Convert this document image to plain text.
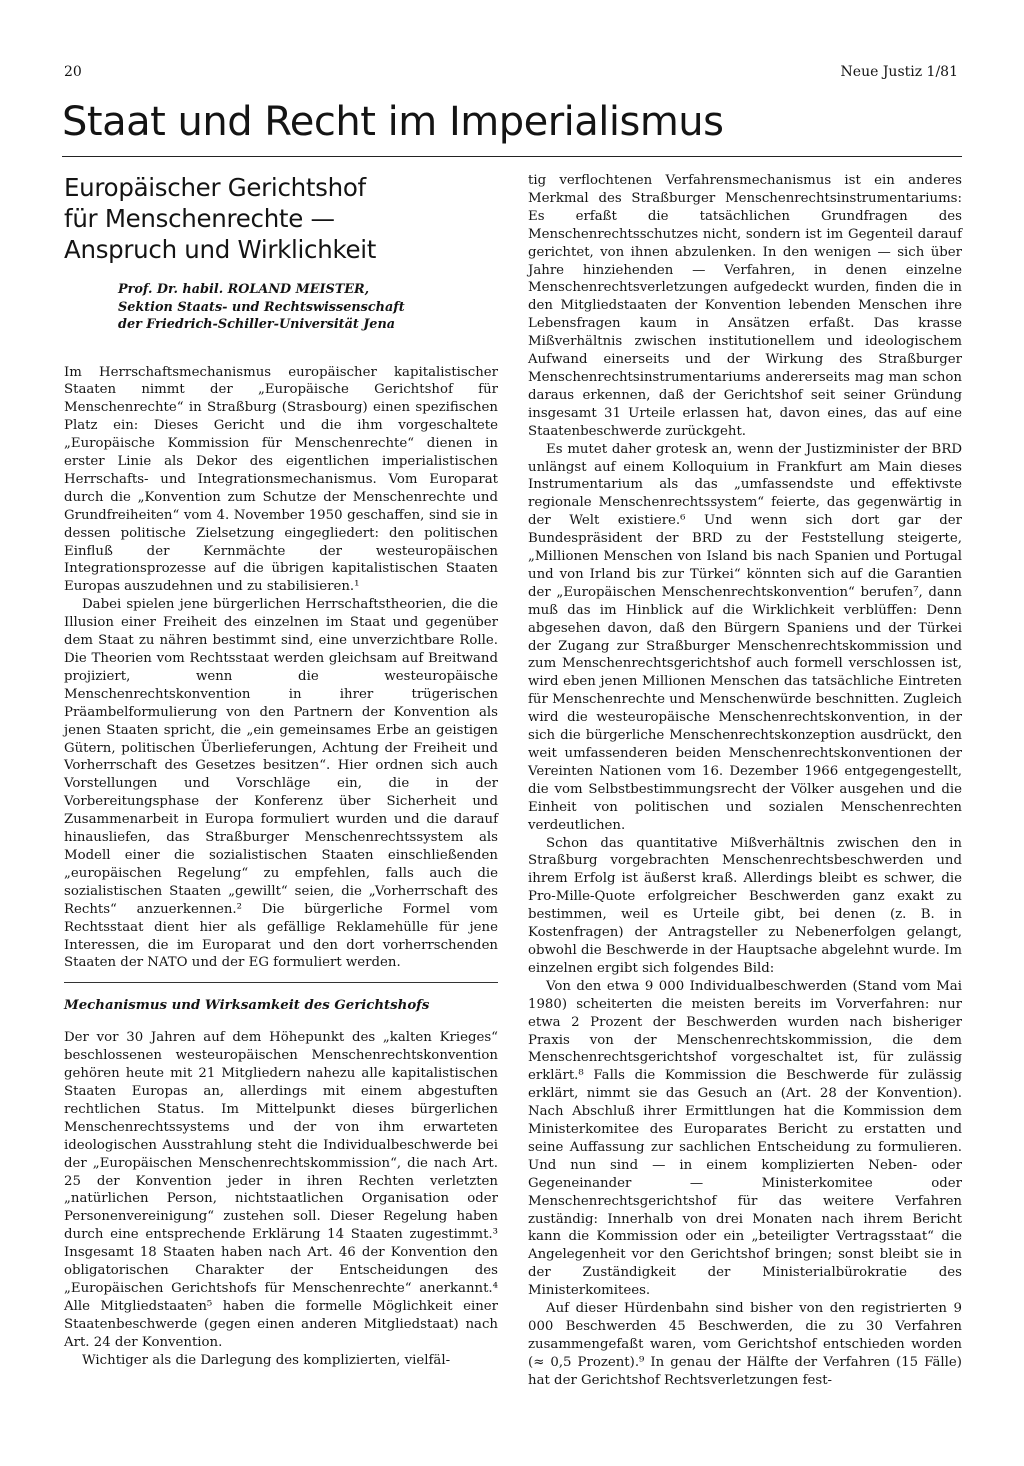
20	Neue Justiz 1/81
Staat und Recht im Imperialismus
Europäischer Gerichtshof
für Menschenrechte —
Anspruch und Wirklichkeit
Prof. Dr. habil. ROLAND MEISTER,
Sektion Staats- und Rechtswissenschaft
der Friedrich-Schiller-Universität Jena

Im Herrschaftsmechanismus europäischer kapitalistischer Staaten nimmt der „Europäische Gerichtshof für Menschenrechte“ in Straßburg (Strasbourg) einen spezifischen Platz ein: Dieses Gericht und die ihm vorgeschaltete „Europäische Kommission für Menschenrechte“ dienen in erster Linie als Dekor des eigentlichen imperialistischen Herrschafts- und Integrationsmechanismus. Vom Europarat durch die „Konvention zum Schutze der Menschenrechte und Grundfreiheiten“ vom 4. November 1950 geschaffen, sind sie in dessen politische Zielsetzung eingegliedert: den politischen Einfluß der Kernmächte der westeuropäischen Integrationsprozesse auf die übrigen kapitalistischen Staaten Europas auszudehnen und zu stabilisieren.¹

Dabei spielen jene bürgerlichen Herrschaftstheorien, die die Illusion einer Freiheit des einzelnen im Staat und gegenüber dem Staat zu nähren bestimmt sind, eine unverzichtbare Rolle. Die Theorien vom Rechtsstaat werden gleichsam auf Breitwand projiziert, wenn die westeuropäische Menschenrechtskonvention in ihrer trügerischen Präambelformulierung von den Partnern der Konvention als jenen Staaten spricht, die „ein gemeinsames Erbe an geistigen Gütern, politischen Überlieferungen, Achtung der Freiheit und Vorherrschaft des Gesetzes besitzen“. Hier ordnen sich auch Vorstellungen und Vorschläge ein, die in der Vorbereitungsphase der Konferenz über Sicherheit und Zusammenarbeit in Europa formuliert wurden und die darauf hinausliefen, das Straßburger Menschenrechtssystem als Modell einer die sozialistischen Staaten einschließenden „europäischen Regelung“ zu empfehlen, falls auch die sozialistischen Staaten „gewillt“ seien, die „Vorherrschaft des Rechts“ anzuerkennen.² Die bürgerliche Formel vom Rechtsstaat dient hier als gefällige Reklamehülle für jene Interessen, die im Europarat und den dort vorherrschenden Staaten der NATO und der EG formuliert werden.

Mechanismus und Wirksamkeit des Gerichtshofs

Der vor 30 Jahren auf dem Höhepunkt des „kalten Krieges“ beschlossenen westeuropäischen Menschenrechtskonvention gehören heute mit 21 Mitgliedern nahezu alle kapitalistischen Staaten Europas an, allerdings mit einem abgestuften rechtlichen Status. Im Mittelpunkt dieses bürgerlichen Menschenrechtssystems und der von ihm erwarteten ideologischen Ausstrahlung steht die Individualbeschwerde bei der „Europäischen Menschenrechtskommission“, die nach Art. 25 der Konvention jeder in ihren Rechten verletzten „natürlichen Person, nichtstaatlichen Organisation oder Personenvereinigung“ zustehen soll. Dieser Regelung haben durch eine entsprechende Erklärung 14 Staaten zugestimmt.³ Insgesamt 18 Staaten haben nach Art. 46 der Konvention den obligatorischen Charakter der Entscheidungen des „Europäischen Gerichtshofs für Menschenrechte“ anerkannt.⁴ Alle Mitgliedstaaten⁵ haben die formelle Möglichkeit einer Staatenbeschwerde (gegen einen anderen Mitgliedstaat) nach Art. 24 der Konvention.

Wichtiger als die Darlegung des komplizierten, vielfäl-

tig verflochtenen Verfahrensmechanismus ist ein anderes Merkmal des Straßburger Menschenrechtsinstrumentariums: Es erfaßt die tatsächlichen Grundfragen des Menschenrechtsschutzes nicht, sondern ist im Gegenteil darauf gerichtet, von ihnen abzulenken. In den wenigen — sich über Jahre hinziehenden — Verfahren, in denen einzelne Menschenrechtsverletzungen aufgedeckt wurden, finden die in den Mitgliedstaaten der Konvention lebenden Menschen ihre Lebensfragen kaum in Ansätzen erfaßt. Das krasse Mißverhältnis zwischen institutionellem und ideologischem Aufwand einerseits und der Wirkung des Straßburger Menschenrechtsinstrumentariums andererseits mag man schon daraus erkennen, daß der Gerichtshof seit seiner Gründung insgesamt 31 Urteile erlassen hat, davon eines, das auf eine Staatenbeschwerde zurückgeht.

Es mutet daher grotesk an, wenn der Justizminister der BRD unlängst auf einem Kolloquium in Frankfurt am Main dieses Instrumentarium als das „umfassendste und effektivste regionale Menschenrechtssystem“ feierte, das gegenwärtig in der Welt existiere.⁶ Und wenn sich dort gar der Bundespräsident der BRD zu der Feststellung steigerte, „Millionen Menschen von Island bis nach Spanien und Portugal und von Irland bis zur Türkei“ könnten sich auf die Garantien der „Europäischen Menschenrechtskonvention“ berufen⁷, dann muß das im Hinblick auf die Wirklichkeit verblüffen: Denn abgesehen davon, daß den Bürgern Spaniens und der Türkei der Zugang zur Straßburger Menschenrechtskommission und zum Menschenrechtsgerichtshof auch formell verschlossen ist, wird eben jenen Millionen Menschen das tatsächliche Eintreten für Menschenrechte und Menschenwürde beschnitten. Zugleich wird die westeuropäische Menschenrechtskonvention, in der sich die bürgerliche Menschenrechtskonzeption ausdrückt, den weit umfassenderen beiden Menschenrechtskonventionen der Vereinten Nationen vom 16. Dezember 1966 entgegengestellt, die vom Selbstbestimmungsrecht der Völker ausgehen und die Einheit von politischen und sozialen Menschenrechten verdeutlichen.

Schon das quantitative Mißverhältnis zwischen den in Straßburg vorgebrachten Menschenrechtsbeschwerden und ihrem Erfolg ist äußerst kraß. Allerdings bleibt es schwer, die Pro-Mille-Quote erfolgreicher Beschwerden ganz exakt zu bestimmen, weil es Urteile gibt, bei denen (z. B. in Kostenfragen) der Antragsteller zu Nebenerfolgen gelangt, obwohl die Beschwerde in der Hauptsache abgelehnt wurde. Im einzelnen ergibt sich folgendes Bild:

Von den etwa 9 000 Individualbeschwerden (Stand vom Mai 1980) scheiterten die meisten bereits im Vorverfahren: nur etwa 2 Prozent der Beschwerden wurden nach bisheriger Praxis von der Menschenrechtskommission, die dem Menschenrechtsgerichtshof vorgeschaltet ist, für zulässig erklärt.⁸ Falls die Kommission die Beschwerde für zulässig erklärt, nimmt sie das Gesuch an (Art. 28 der Konvention). Nach Abschluß ihrer Ermittlungen hat die Kommission dem Ministerkomitee des Europarates Bericht zu erstatten und seine Auffassung zur sachlichen Entscheidung zu formulieren. Und nun sind — in einem komplizierten Neben- oder Gegeneinander — Ministerkomitee oder Menschenrechtsgerichtshof für das weitere Verfahren zuständig: Innerhalb von drei Monaten nach ihrem Bericht kann die Kommission oder ein „beteiligter Vertragsstaat“ die Angelegenheit vor den Gerichtshof bringen; sonst bleibt sie in der Zuständigkeit der Ministerialbürokratie des Ministerkomitees.

Auf dieser Hürdenbahn sind bisher von den registrierten 9 000 Beschwerden 45 Beschwerden, die zu 30 Verfahren zusammengefaßt waren, vom Gerichtshof entschieden worden (≈ 0,5 Prozent).⁹ In genau der Hälfte der Verfahren (15 Fälle) hat der Gerichtshof Rechtsverletzungen fest-
